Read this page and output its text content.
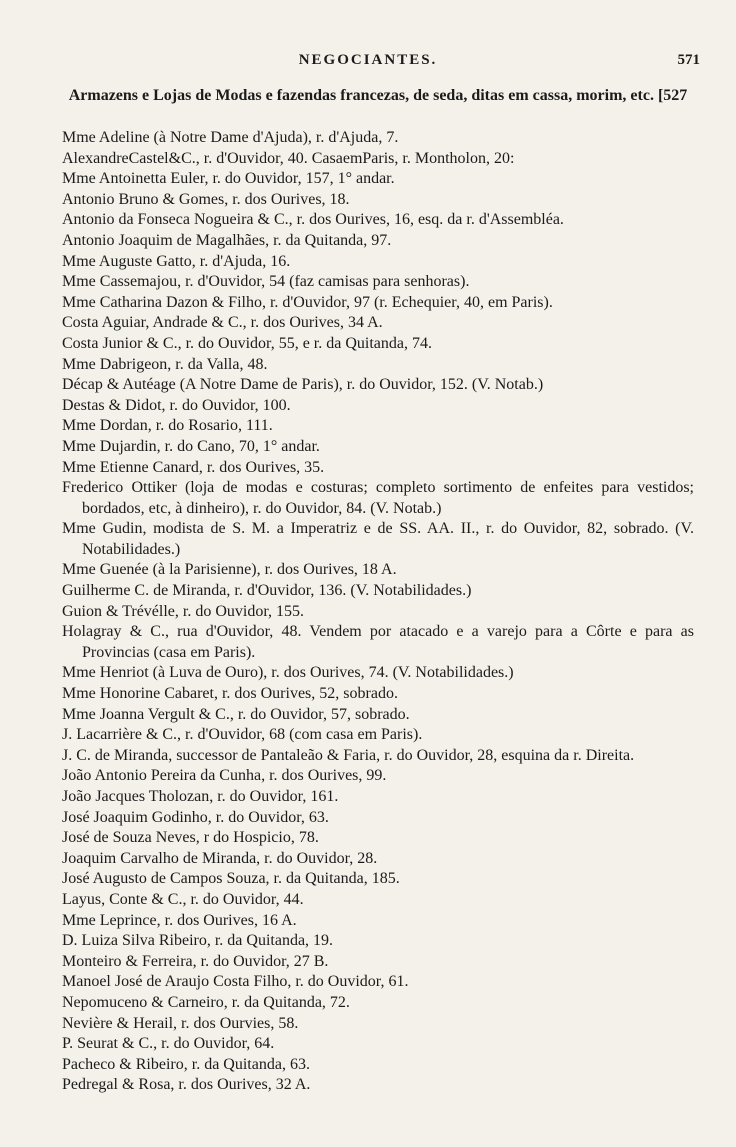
NEGOCIANTES.	571
Armazens e Lojas de Modas e fazendas francezas, de seda, ditas em cassa, morim, etc. [527
Mme Adeline (à Notre Dame d'Ajuda), r. d'Ajuda, 7.
AlexandreCastel&C., r. d'Ouvidor, 40. CasaemParis, r. Montholon, 20:
Mme Antoinetta Euler, r. do Ouvidor, 157, 1° andar.
Antonio Bruno & Gomes, r. dos Ourives, 18.
Antonio da Fonseca Nogueira & C., r. dos Ourives, 16, esq. da r. d'Assembléa.
Antonio Joaquim de Magalhães, r. da Quitanda, 97.
Mme Auguste Gatto, r. d'Ajuda, 16.
Mme Cassemajou, r. d'Ouvidor, 54 (faz camisas para senhoras).
Mme Catharina Dazon & Filho, r. d'Ouvidor, 97 (r. Echequier, 40, em Paris).
Costa Aguiar, Andrade & C., r. dos Ourives, 34 A.
Costa Junior & C., r. do Ouvidor, 55, e r. da Quitanda, 74.
Mme Dabrigeon, r. da Valla, 48.
Décap & Autéage (A Notre Dame de Paris), r. do Ouvidor, 152. (V. Notab.)
Destas & Didot, r. do Ouvidor, 100.
Mme Dordan, r. do Rosario, 111.
Mme Dujardin, r. do Cano, 70, 1° andar.
Mme Etienne Canard, r. dos Ourives, 35.
Frederico Ottiker (loja de modas e costuras; completo sortimento de enfeites para vestidos; bordados, etc, à dinheiro), r. do Ouvidor, 84. (V. Notab.)
Mme Gudin, modista de S. M. a Imperatriz e de SS. AA. II., r. do Ouvidor, 82, sobrado. (V. Notabilidades.)
Mme Guenée (à la Parisienne), r. dos Ourives, 18 A.
Guilherme C. de Miranda, r. d'Ouvidor, 136. (V. Notabilidades.)
Guion & Trévélle, r. do Ouvidor, 155.
Holagray & C., rua d'Ouvidor, 48. Vendem por atacado e a varejo para a Côrte e para as Provincias (casa em Paris).
Mme Henriot (à Luva de Ouro), r. dos Ourives, 74. (V. Notabilidades.)
Mme Honorine Cabaret, r. dos Ourives, 52, sobrado.
Mme Joanna Vergult & C., r. do Ouvidor, 57, sobrado.
J. Lacarrière & C., r. d'Ouvidor, 68 (com casa em Paris).
J. C. de Miranda, successor de Pantaleão & Faria, r. do Ouvidor, 28, esquina da r. Direita.
João Antonio Pereira da Cunha, r. dos Ourives, 99.
João Jacques Tholozan, r. do Ouvidor, 161.
José Joaquim Godinho, r. do Ouvidor, 63.
José de Souza Neves, r do Hospicio, 78.
Joaquim Carvalho de Miranda, r. do Ouvidor, 28.
José Augusto de Campos Souza, r. da Quitanda, 185.
Layus, Conte & C., r. do Ouvidor, 44.
Mme Leprince, r. dos Ourives, 16 A.
D. Luiza Silva Ribeiro, r. da Quitanda, 19.
Monteiro & Ferreira, r. do Ouvidor, 27 B.
Manoel José de Araujo Costa Filho, r. do Ouvidor, 61.
Nepomuceno & Carneiro, r. da Quitanda, 72.
Nevière & Herail, r. dos Ourvies, 58.
P. Seurat & C., r. do Ouvidor, 64.
Pacheco & Ribeiro, r. da Quitanda, 63.
Pedregal & Rosa, r. dos Ourives, 32 A.
